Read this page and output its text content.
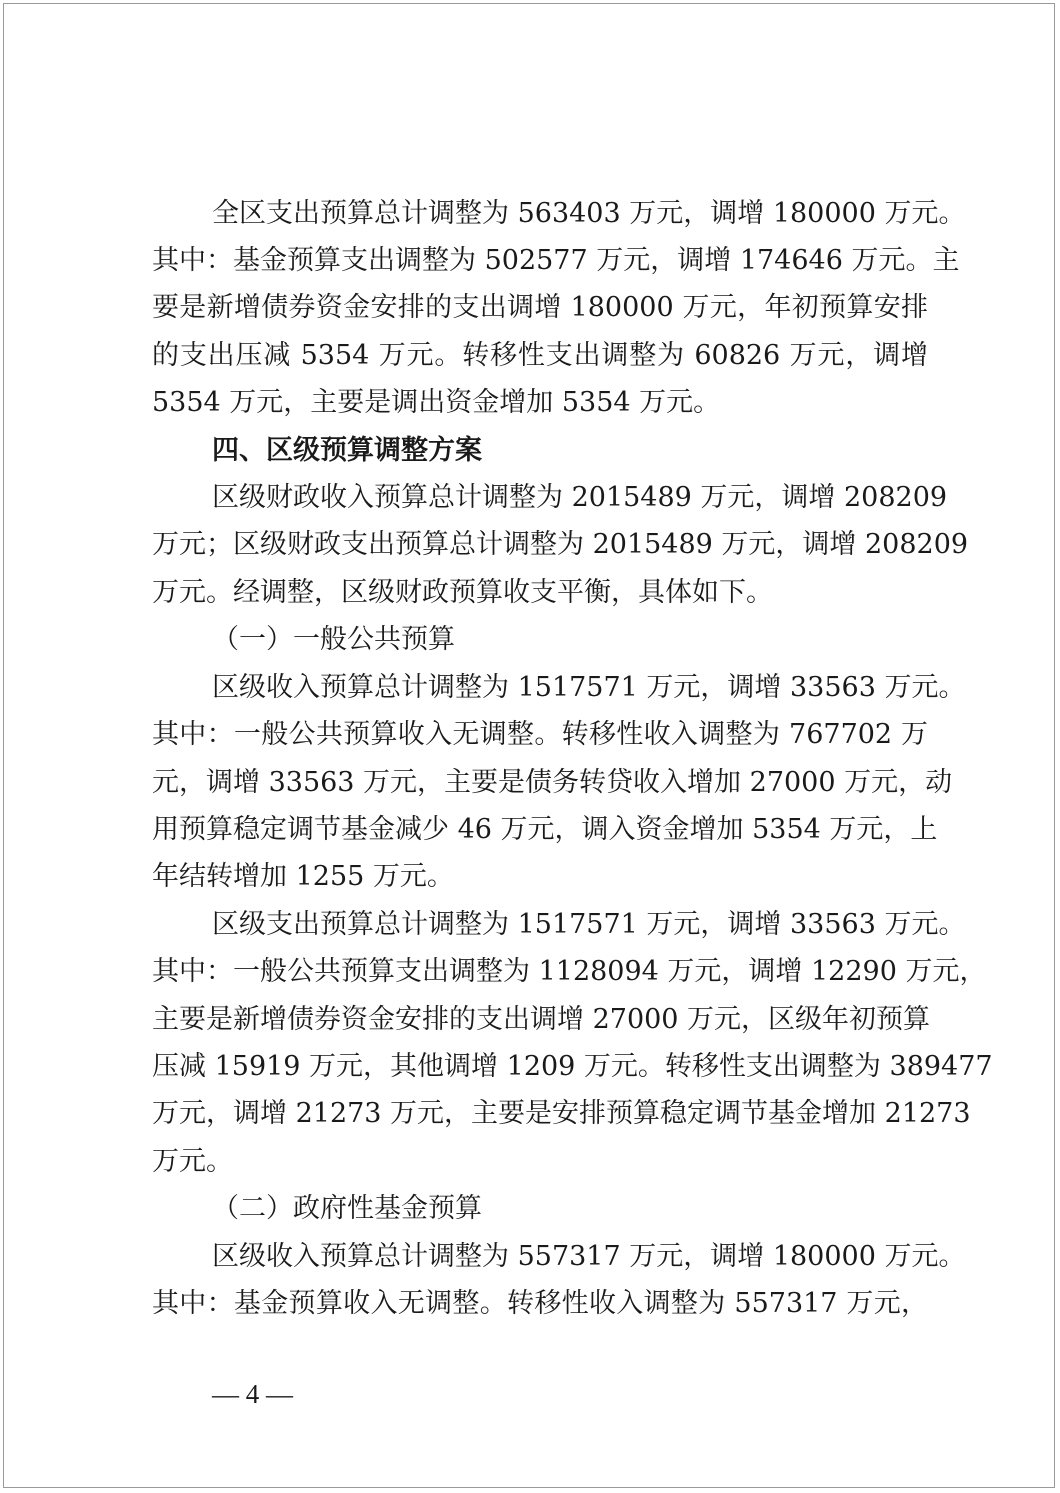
全区支出预算总计调整为 563403 万元，调增 180000 万元。
其中：基金预算支出调整为 502577 万元，调增 174646 万元。主
要是新增债券资金安排的支出调增 180000 万元，年初预算安排
的支出压减 5354 万元。转移性支出调整为 60826 万元，调增
5354 万元，主要是调出资金增加 5354 万元。
四、区级预算调整方案
区级财政收入预算总计调整为 2015489 万元，调增 208209
万元；区级财政支出预算总计调整为 2015489 万元，调增 208209
万元。经调整，区级财政预算收支平衡，具体如下。
（一）一般公共预算
区级收入预算总计调整为 1517571 万元，调增 33563 万元。
其中：一般公共预算收入无调整。转移性收入调整为 767702 万
元，调增 33563 万元，主要是债务转贷收入增加 27000 万元，动
用预算稳定调节基金减少 46 万元，调入资金增加 5354 万元，上
年结转增加 1255 万元。
区级支出预算总计调整为 1517571 万元，调增 33563 万元。
其中：一般公共预算支出调整为 1128094 万元，调增 12290 万元，
主要是新增债券资金安排的支出调增 27000 万元，区级年初预算
压减 15919 万元，其他调增 1209 万元。转移性支出调整为 389477
万元，调增 21273 万元，主要是安排预算稳定调节基金增加 21273
万元。
（二）政府性基金预算
区级收入预算总计调整为 557317 万元，调增 180000 万元。
其中：基金预算收入无调整。转移性收入调整为 557317 万元，
— 4 —
